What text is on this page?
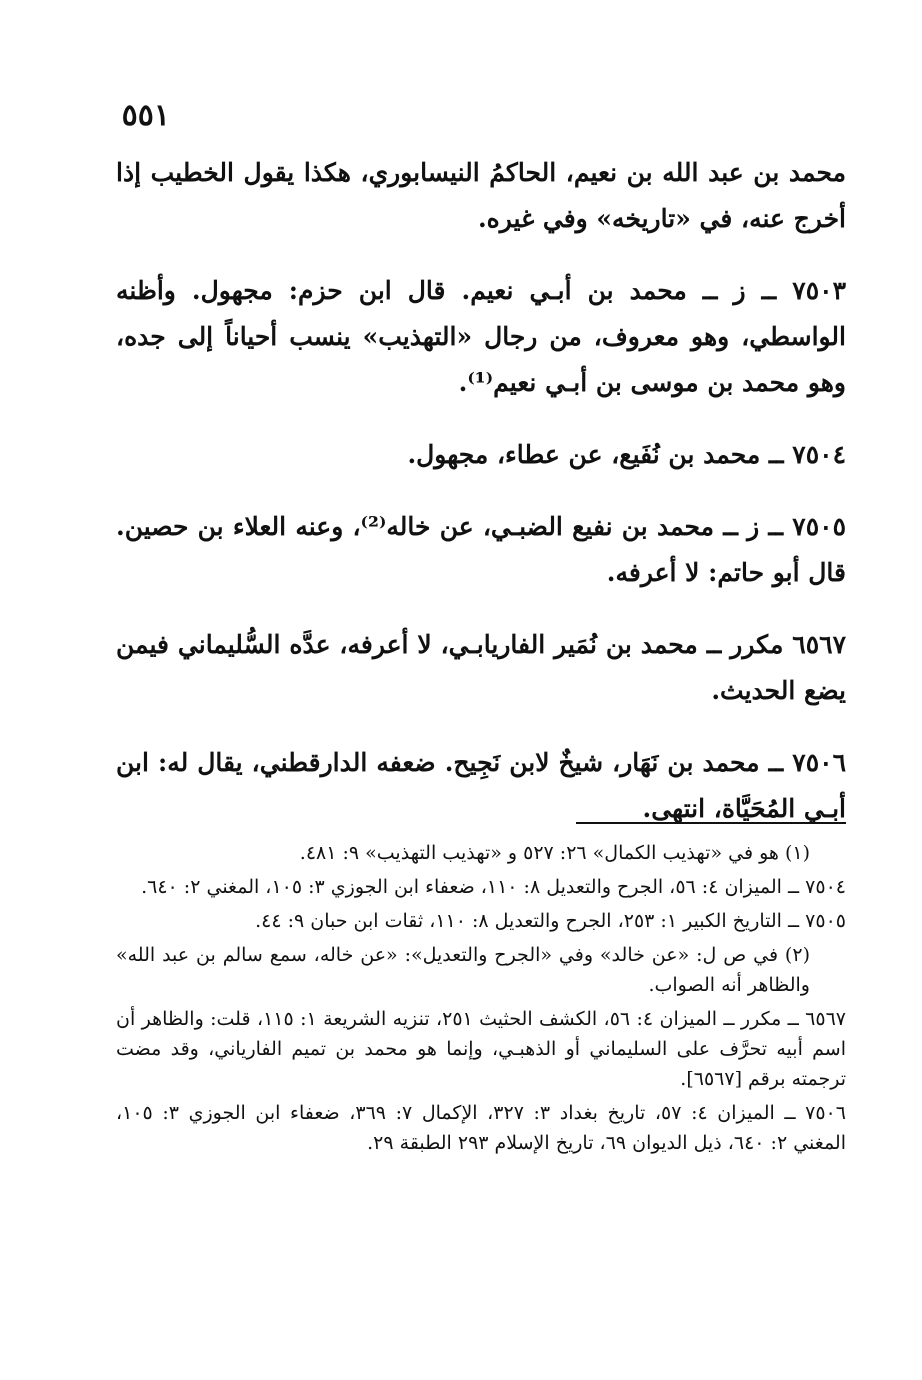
٥٥١

محمد بن عبد الله بن نعيم، الحاكمُ النيسابوري، هكذا يقول الخطيب إذا أخرج عنه، في «تاريخه» وفي غيره.

٧٥٠٣ ــ ز ــ محمد بن أبـي نعيم. قال ابن حزم: مجهول. وأظنه الواسطي، وهو معروف، من رجال «التهذيب» ينسب أحياناً إلى جده، وهو محمد بن موسى بن أبـي نعيم⁽¹⁾.

٧٥٠٤ ــ محمد بن نُفَيع، عن عطاء، مجهول.

٧٥٠٥ ــ ز ــ محمد بن نفيع الضبـي، عن خاله⁽²⁾، وعنه العلاء بن حصين. قال أبو حاتم: لا أعرفه.

٦٥٦٧ مكرر ــ محمد بن نُمَير الفاريابـي، لا أعرفه، عدَّه السُّليماني فيمن يضع الحديث.

٧٥٠٦ ــ محمد بن نَهَار، شيخٌ لابن نَجِيح. ضعفه الدارقطني، يقال له: ابن أبـي المُحَيَّاة، انتهى.

(١) هو في «تهذيب الكمال» ٢٦: ٥٢٧ و «تهذيب التهذيب» ٩: ٤٨١.

٧٥٠٤ ــ الميزان ٤: ٥٦، الجرح والتعديل ٨: ١١٠، ضعفاء ابن الجوزي ٣: ١٠٥، المغني ٢: ٦٤٠.

٧٥٠٥ ــ التاريخ الكبير ١: ٢٥٣، الجرح والتعديل ٨: ١١٠، ثقات ابن حبان ٩: ٤٤.

(٢) في ص ل: «عن خالد» وفي «الجرح والتعديل»: «عن خاله، سمع سالم بن عبد الله» والظاهر أنه الصواب.

٦٥٦٧ ــ مكرر ــ الميزان ٤: ٥٦، الكشف الحثيث ٢٥١، تنزيه الشريعة ١: ١١٥، قلت: والظاهر أن اسم أبيه تحرَّف على السليماني أو الذهبـي، وإنما هو محمد بن تميم الفارياني، وقد مضت ترجمته برقم [٦٥٦٧].

٧٥٠٦ ــ الميزان ٤: ٥٧، تاريخ بغداد ٣: ٣٢٧، الإكمال ٧: ٣٦٩، ضعفاء ابن الجوزي ٣: ١٠٥، المغني ٢: ٦٤٠، ذيل الديوان ٦٩، تاريخ الإسلام ٢٩٣ الطبقة ٢٩.
